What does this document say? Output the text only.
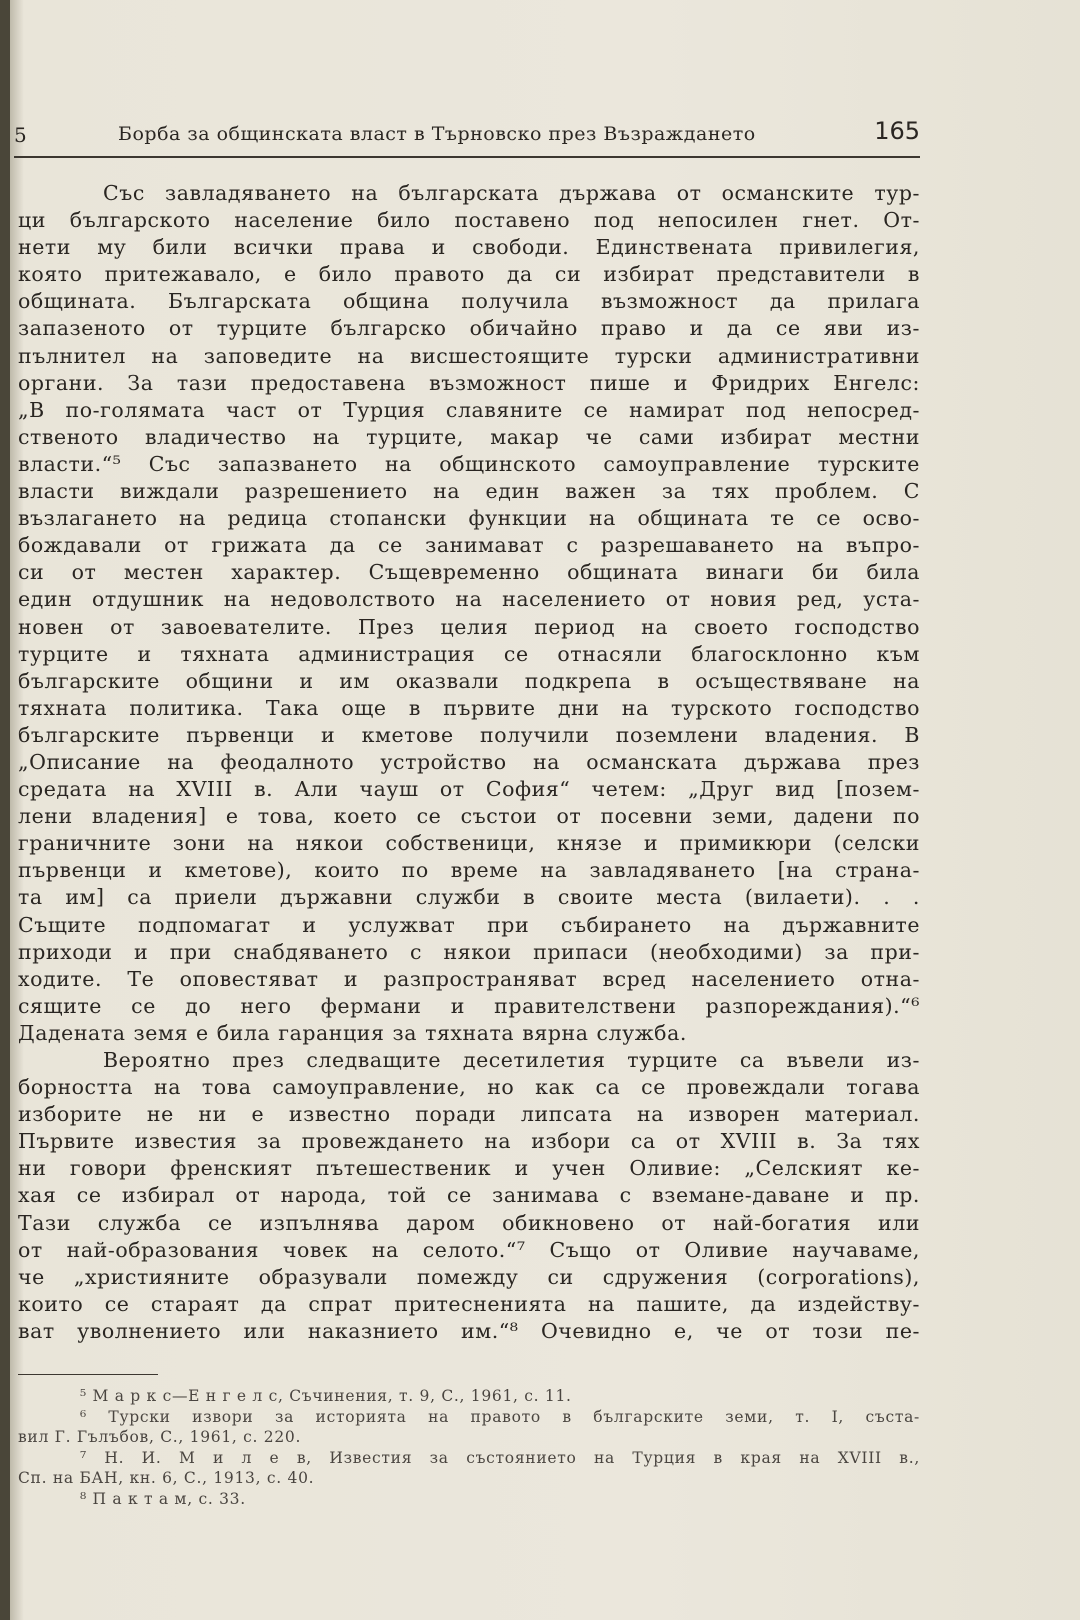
5	Борба за общинската власт в Търновско през Възраждането	165
Със завладяването на българската държава от османските тур-
ци българското население било поставено под непосилен гнет. От-
нети му били всички права и свободи. Единствената привилегия,
която притежавало, е било правото да си избират представители в
общината. Българската община получила възможност да прилага
запазеното от турците българско обичайно право и да се яви из-
пълнител на заповедите на висшестоящите турски административни
органи. За тази предоставена възможност пише и Фридрих Енгелс:
„В по-голямата част от Турция славяните се намират под непосред-
ственото владичество на турците, макар че сами избират местни
власти.“⁵ Със запазването на общинското самоуправление турските
власти виждали разрешението на един важен за тях проблем. С
възлагането на редица стопански функции на общината те се осво-
бождавали от грижата да се занимават с разрешаването на въпро-
си от местен характер. Същевременно общината винаги би била
един отдушник на недоволството на населението от новия ред, уста-
новен от завоевателите. През целия период на своето господство
турците и тяхната администрация се отнасяли благосклонно към
българските общини и им оказвали подкрепа в осъществяване на
тяхната политика. Така още в първите дни на турското господство
българските първенци и кметове получили поземлени владения. В
„Описание на феодалното устройство на османската държава през
средата на XVIII в. Али чауш от София“ четем: „Друг вид [позем-
лени владения] е това, което се състои от посевни земи, дадени по
граничните зони на някои собственици, князе и примикюри (селски
първенци и кметове), които по време на завладяването [на страна-
та им] са приели държавни служби в своите места (вилаети). . .
Същите подпомагат и услужват при събирането на държавните
приходи и при снабдяването с някои припаси (необходими) за при-
ходите. Те оповестяват и разпространяват всред населението отна-
сящите се до него фермани и правителствени разпореждания).“⁶
Дадената земя е била гаранция за тяхната вярна служба.
Вероятно през следващите десетилетия турците са въвели из-
борността на това самоуправление, но как са се провеждали тогава
изборите не ни е известно поради липсата на изворен материал.
Първите известия за провеждането на избори са от XVIII в. За тях
ни говори френският пътешественик и учен Оливие: „Селският ке-
хая се избирал от народа, той се занимава с вземане-даване и пр.
Тази служба се изпълнява даром обикновено от най-богатия или
от най-образования човек на селото.“⁷ Също от Оливие научаваме,
че „християните образували помежду си сдружения (corporations),
които се стараят да спрат притесненията на пашите, да издейству-
ват уволнението или наказнието им.“⁸ Очевидно е, че от този пе-
⁵ М а р к с—Е н г е л с, Съчинения, т. 9, С., 1961, с. 11.
⁶ Турски извори за историята на правото в българските земи, т. I, съста-
вил Г. Гълъбов, С., 1961, с. 220.
⁷ Н. И. М и л е в, Известия за състоянието на Турция в края на XVIII в.,
Сп. на БАН, кн. 6, С., 1913, с. 40.
⁸ П а к т а м, с. 33.
